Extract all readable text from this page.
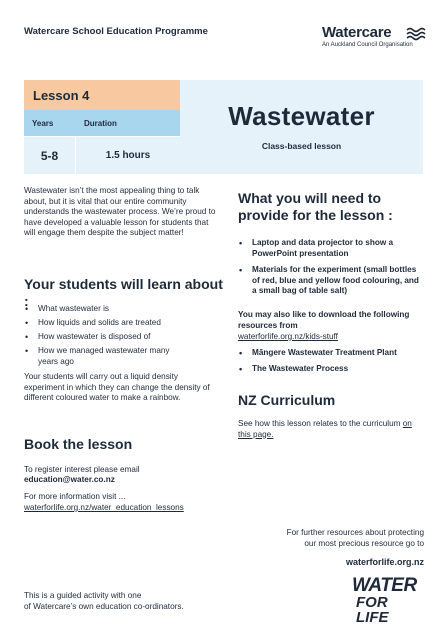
Watercare School Education Programme	Watercare
An Auckland Council Organisation
Lesson 4
Years	Duration
5-8	1.5 hours
Wastewater
Class-based lesson
Wastewater isn’t the most appealing thing to talk about, but it is vital that our entire community understands the wastewater process. We’re proud to have developed a valuable lesson for students that will engage them despite the subject matter!
Your students will learn about :
•	What wastewater is
• How liquids and solids are treated
• How wastewater is disposed of
• How we managed wastewater many years ago
Your students will carry out a liquid density experiment in which they can change the density of different coloured water to make a rainbow.
Book the lesson
To register interest please email
education@water.co.nz
For more information visit ...
waterforlife.org.nz/water_education_lessons
What you will need to
provide for the lesson :
• Laptop and data projector to show a PowerPoint presentation
• Materials for the experiment (small bottles of red, blue and yellow food colouring, and a small bag of table salt)
You may also like to download the following resources from
waterforlife.org.nz/kids-stuff
• Māngere Wastewater Treatment Plant
• The Wastewater Process
NZ Curriculum
See how this lesson relates to the curriculum on this page.
For further resources about protecting
our most precious resource go to
waterforlife.org.nz
This is a guided activity with one
of Watercare’s own education co-ordinators.
WATER
FOR LIFE
